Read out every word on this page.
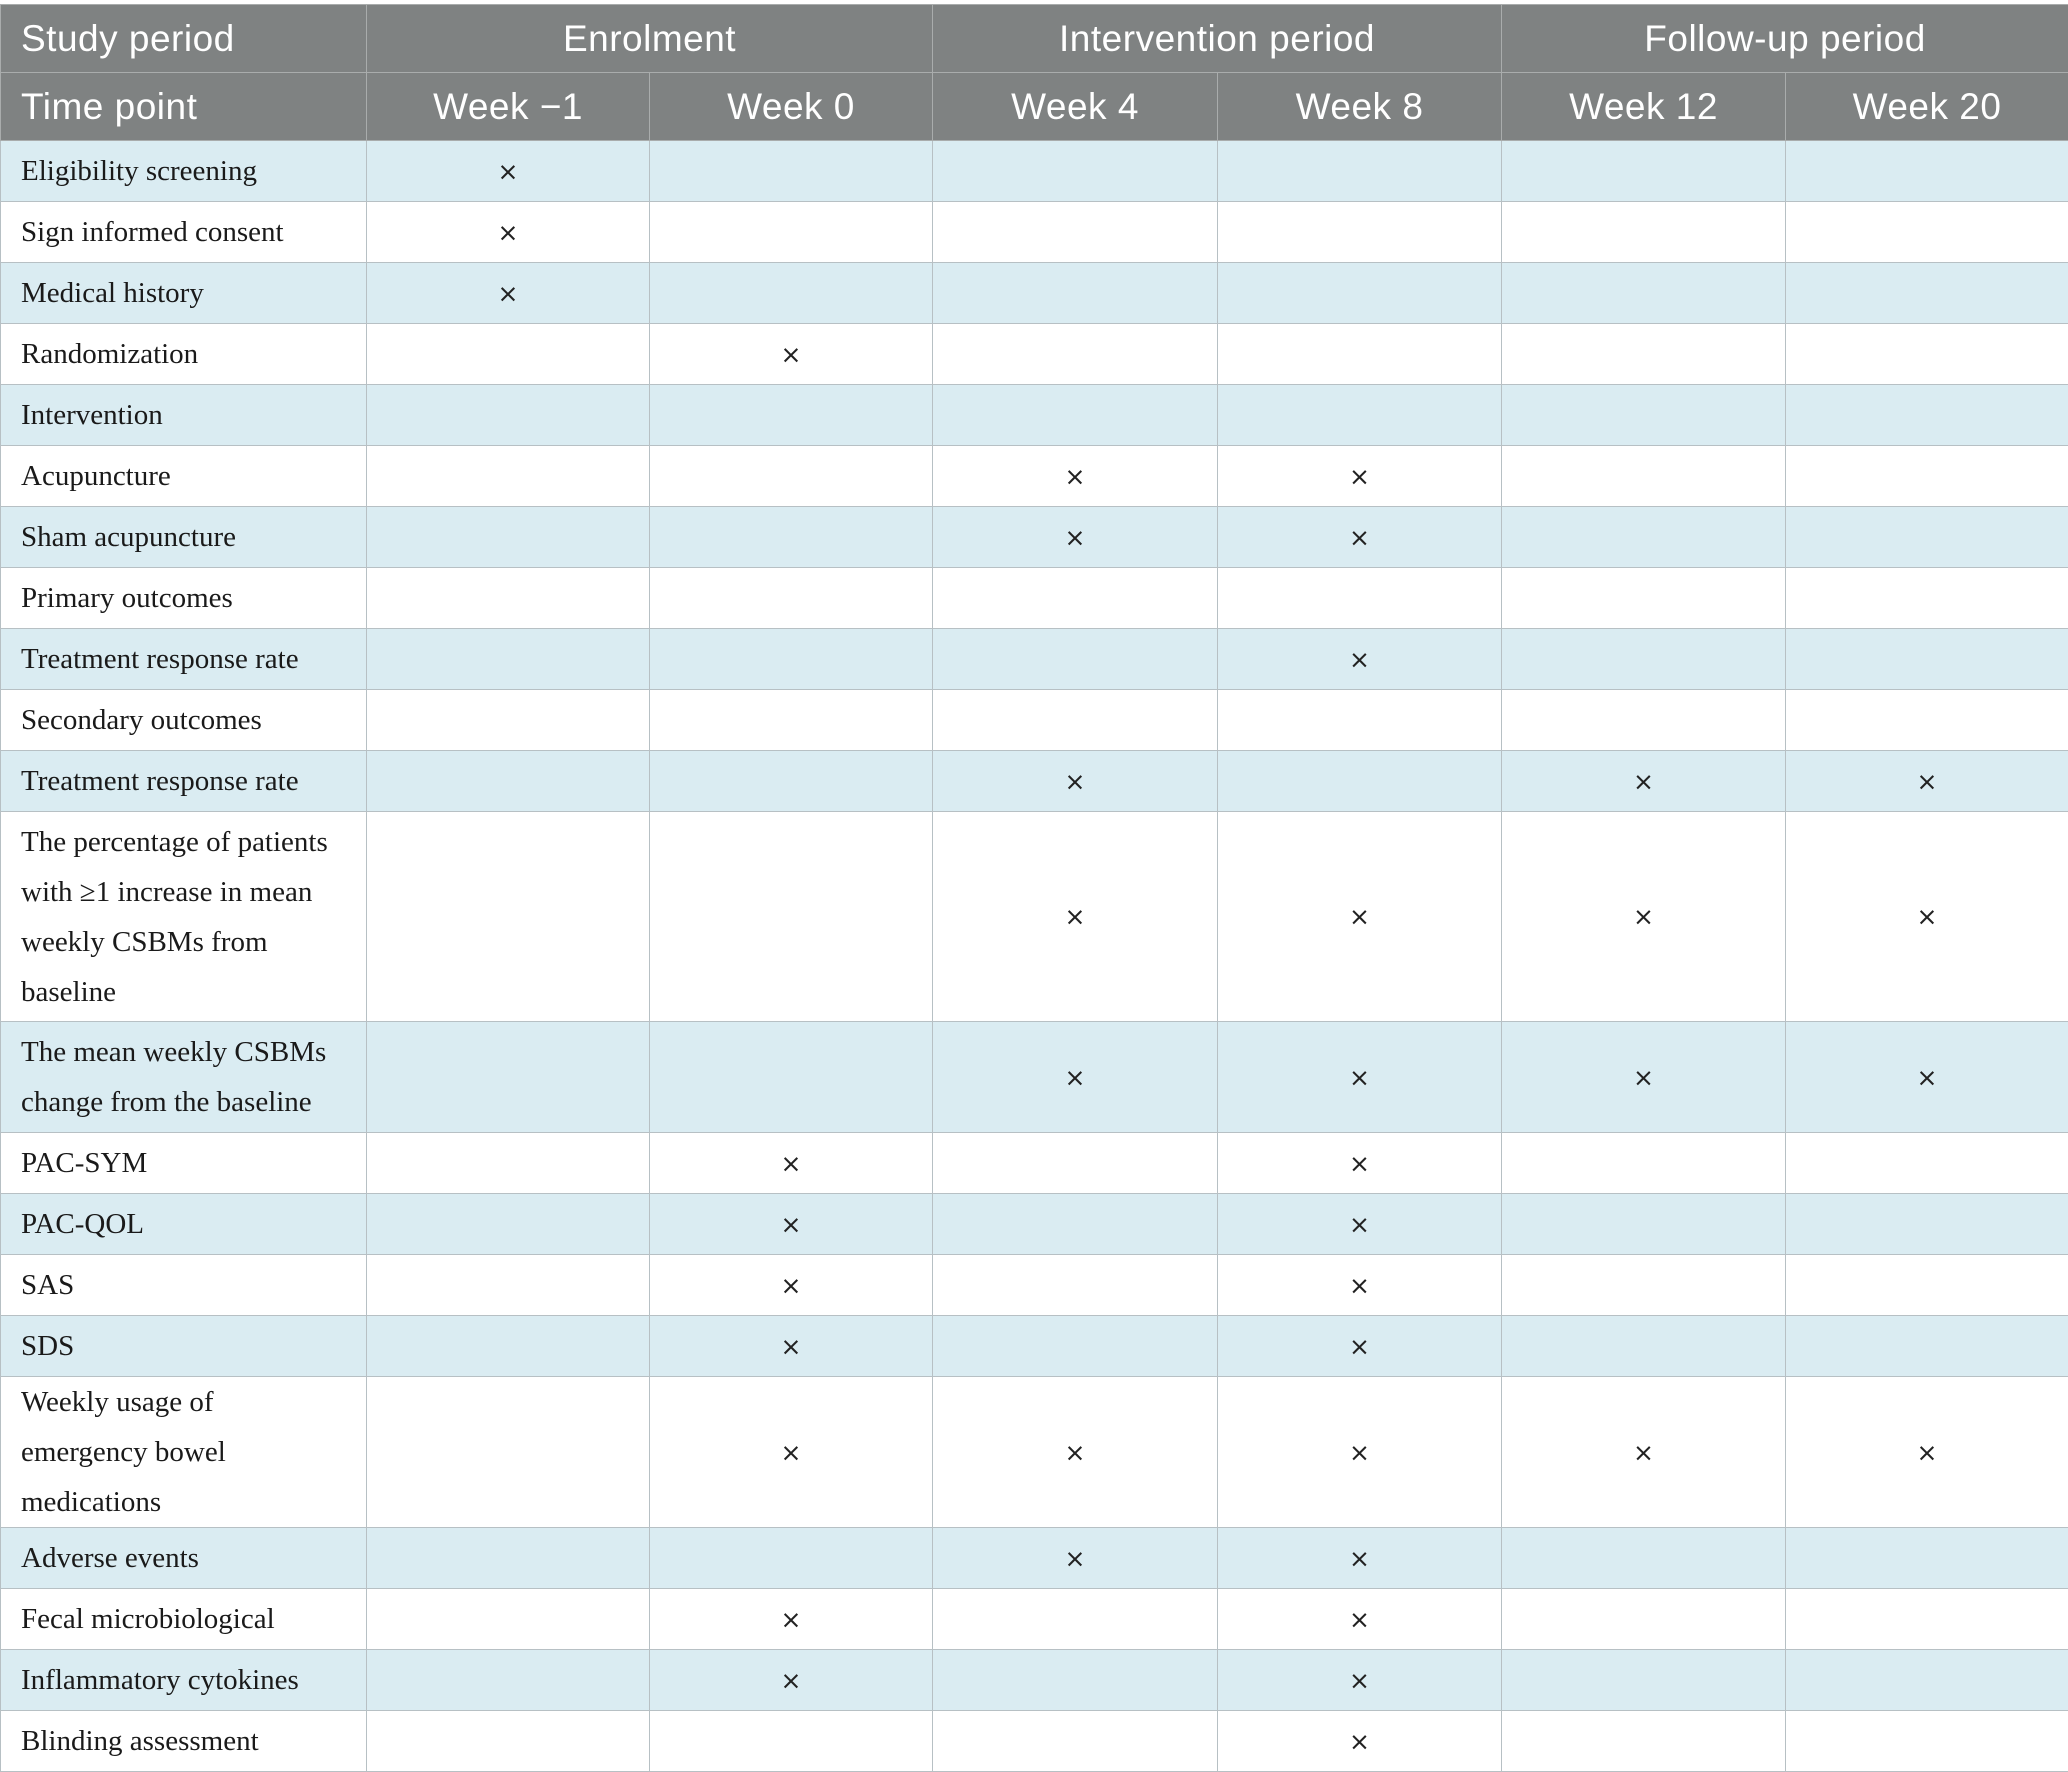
Study period	Enrolment		Intervention period		Follow-up period	
Time point	Week −1	Week 0	Week 4	Week 8	Week 12	Week 20
Eligibility screening	×					
Sign informed consent	×					
Medical history	×					
Randomization		×				
Intervention						
Acupuncture			×	×		
Sham acupuncture			×	×		
Primary outcomes						
Treatment response rate				×		
Secondary outcomes						
Treatment response rate			×		×	×
The percentage of patients with ≥1 increase in mean weekly CSBMs from baseline			×	×	×	×
The mean weekly CSBMs change from the baseline			×	×	×	×
PAC-SYM		×		×		
PAC-QOL		×		×		
SAS		×		×		
SDS		×		×		
Weekly usage of emergency bowel medications		×	×	×	×	×
Adverse events			×	×		
Fecal microbiological		×		×		
Inflammatory cytokines		×		×		
Blinding assessment				×		
